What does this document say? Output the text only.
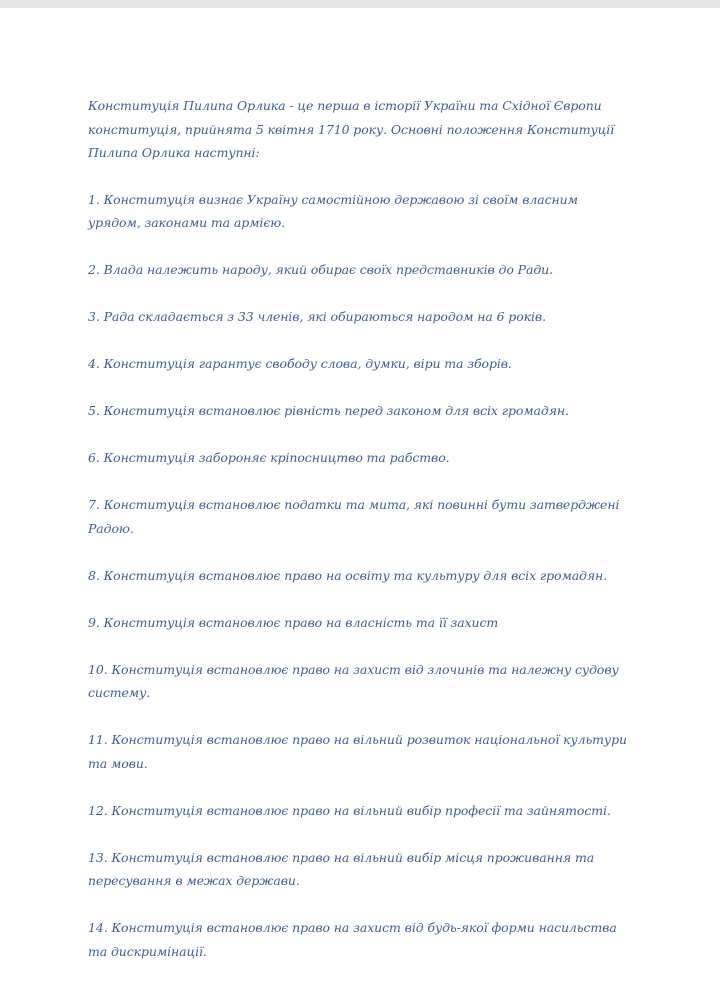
Конституція Пилипа Орлика - це перша в історії України та Східної Європи конституція, прийнята 5 квітня 1710 року. Основні положення Конституції Пилипа Орлика наступні:

1. Конституція визнає Україну самостійною державою зі своїм власним урядом, законами та армією.

2. Влада належить народу, який обирає своїх представників до Ради.

3. Рада складається з 33 членів, які обираються народом на 6 років.

4. Конституція гарантує свободу слова, думки, віри та зборів.

5. Конституція встановлює рівність перед законом для всіх громадян.

6. Конституція забороняє кріпосництво та рабство.

7. Конституція встановлює податки та мита, які повинні бути затверджені Радою.

8. Конституція встановлює право на освіту та культуру для всіх громадян.

9. Конституція встановлює право на власність та її захист

10. Конституція встановлює право на захист від злочинів та належну судову систему.

11. Конституція встановлює право на вільний розвиток національної культури та мови.

12. Конституція встановлює право на вільний вибір професії та зайнятості.

13. Конституція встановлює право на вільний вибір місця проживання та пересування в межах держави.

14. Конституція встановлює право на захист від будь-якої форми насильства та дискримінації.
